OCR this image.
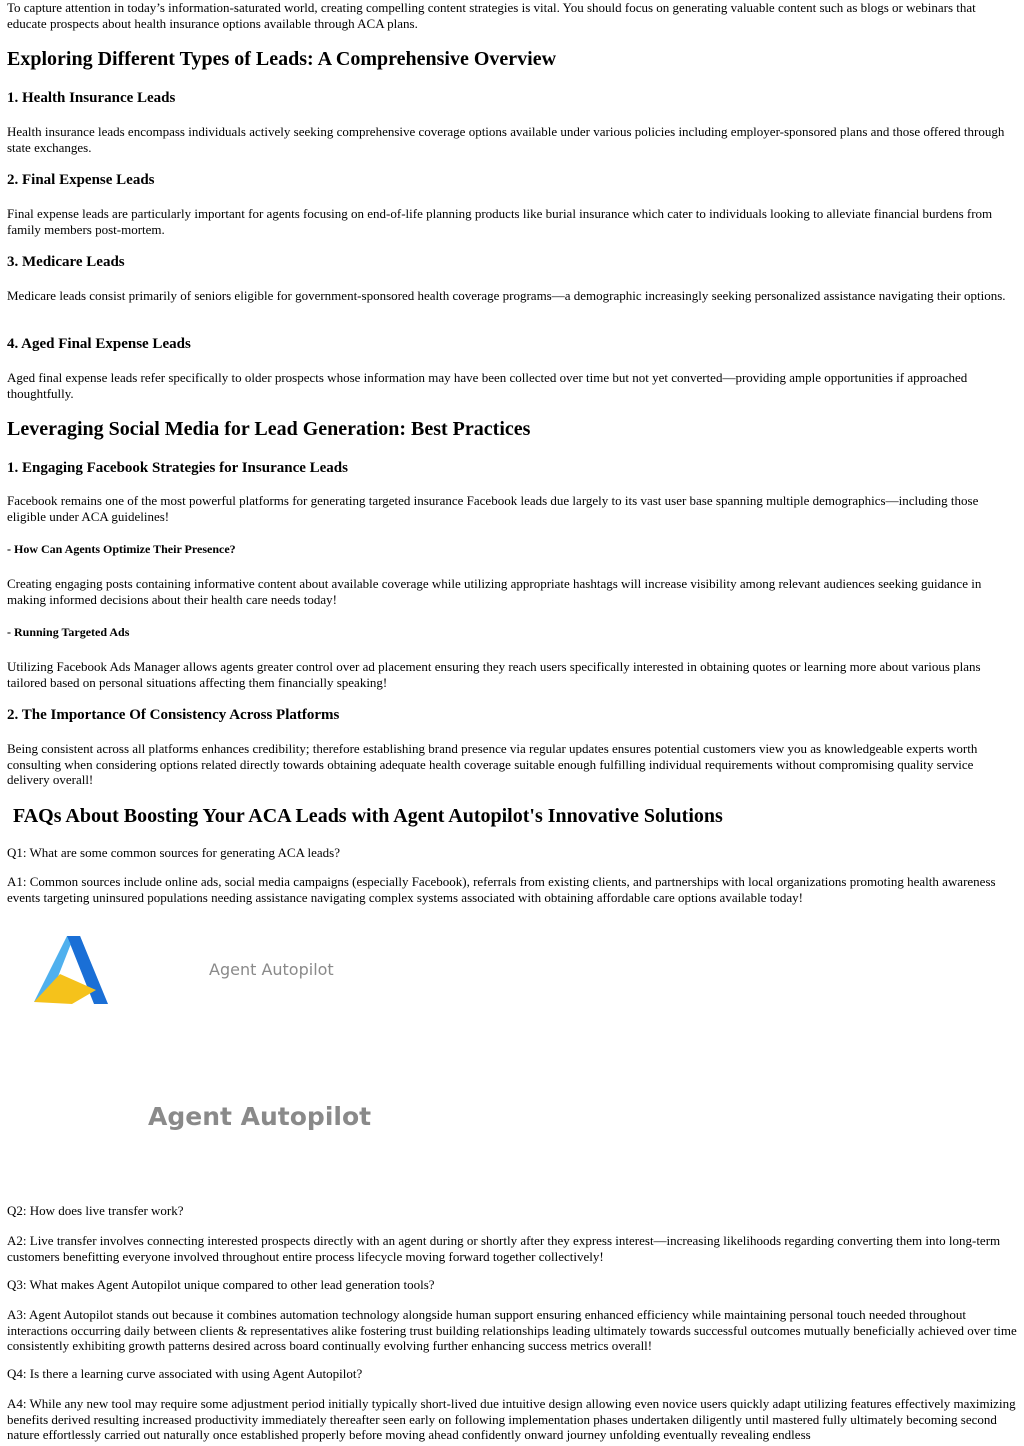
To capture attention in today’s information-saturated world, creating compelling content strategies is vital. You should focus on generating valuable content such as blogs or webinars that educate prospects about health insurance options available through ACA plans.

Exploring Different Types of Leads: A Comprehensive Overview
1. Health Insurance Leads

Health insurance leads encompass individuals actively seeking comprehensive coverage options available under various policies including employer-sponsored plans and those offered through state exchanges.

2. Final Expense Leads

Final expense leads are particularly important for agents focusing on end-of-life planning products like burial insurance which cater to individuals looking to alleviate financial burdens from family members post-mortem.

3. Medicare Leads

Medicare leads consist primarily of seniors eligible for government-sponsored health coverage programs—a demographic increasingly seeking personalized assistance navigating their options.

4. Aged Final Expense Leads

Aged final expense leads refer specifically to older prospects whose information may have been collected over time but not yet converted—providing ample opportunities if approached thoughtfully.

Leveraging Social Media for Lead Generation: Best Practices
1. Engaging Facebook Strategies for Insurance Leads

Facebook remains one of the most powerful platforms for generating targeted insurance Facebook leads due largely to its vast user base spanning multiple demographics—including those eligible under ACA guidelines!

- How Can Agents Optimize Their Presence?

Creating engaging posts containing informative content about available coverage while utilizing appropriate hashtags will increase visibility among relevant audiences seeking guidance in making informed decisions about their health care needs today!

- Running Targeted Ads

Utilizing Facebook Ads Manager allows agents greater control over ad placement ensuring they reach users specifically interested in obtaining quotes or learning more about various plans tailored based on personal situations affecting them financially speaking!

2. The Importance Of Consistency Across Platforms

Being consistent across all platforms enhances credibility; therefore establishing brand presence via regular updates ensures potential customers view you as knowledgeable experts worth consulting when considering options related directly towards obtaining adequate health coverage suitable enough fulfilling individual requirements without compromising quality service delivery overall!

FAQs About Boosting Your ACA Leads with Agent Autopilot's Innovative Solutions

Q1: What are some common sources for generating ACA leads?

A1: Common sources include online ads, social media campaigns (especially Facebook), referrals from existing clients, and partnerships with local organizations promoting health awareness events targeting uninsured populations needing assistance navigating complex systems associated with obtaining affordable care options available today!

Agent Autopilot
Agent Autopilot

Q2: How does live transfer work?

A2: Live transfer involves connecting interested prospects directly with an agent during or shortly after they express interest—increasing likelihoods regarding converting them into long-term customers benefitting everyone involved throughout entire process lifecycle moving forward together collectively!

Q3: What makes Agent Autopilot unique compared to other lead generation tools?

A3: Agent Autopilot stands out because it combines automation technology alongside human support ensuring enhanced efficiency while maintaining personal touch needed throughout interactions occurring daily between clients & representatives alike fostering trust building relationships leading ultimately towards successful outcomes mutually beneficially achieved over time consistently exhibiting growth patterns desired across board continually evolving further enhancing success metrics overall!

Q4: Is there a learning curve associated with using Agent Autopilot?

A4: While any new tool may require some adjustment period initially typically short-lived due intuitive design allowing even novice users quickly adapt utilizing features effectively maximizing benefits derived resulting increased productivity immediately thereafter seen early on following implementation phases undertaken diligently until mastered fully ultimately becoming second nature effortlessly carried out naturally once established properly before moving ahead confidently onward journey unfolding eventually revealing endless
